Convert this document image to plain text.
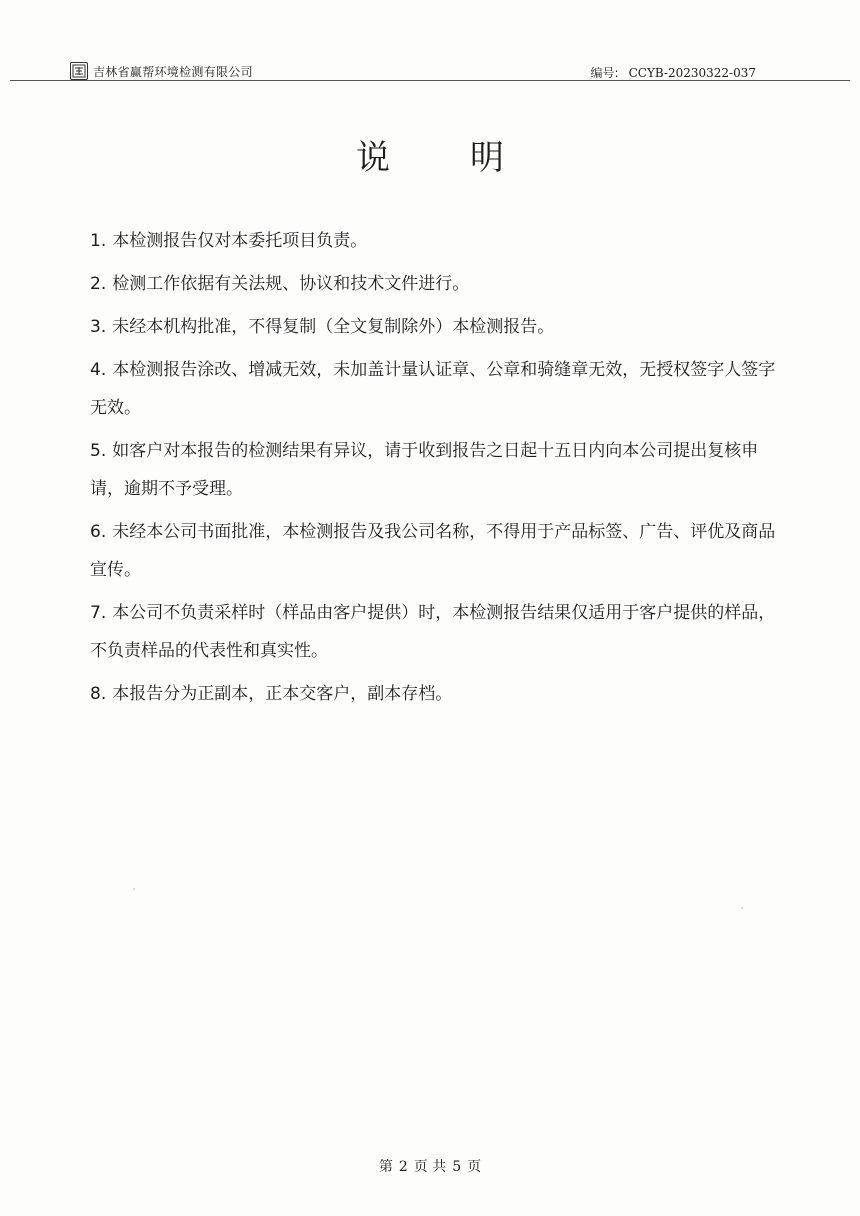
吉林省赢帮环境检测有限公司	编号: CCYB-20230322-037
说明
1. 本检测报告仅对本委托项目负责。
2. 检测工作依据有关法规、协议和技术文件进行。
3. 未经本机构批准，不得复制（全文复制除外）本检测报告。
4. 本检测报告涂改、增减无效，未加盖计量认证章、公章和骑缝章无效，无授权签字人签字无效。
5. 如客户对本报告的检测结果有异议，请于收到报告之日起十五日内向本公司提出复核申请，逾期不予受理。
6. 未经本公司书面批准，本检测报告及我公司名称，不得用于产品标签、广告、评优及商品宣传。
7. 本公司不负责采样时（样品由客户提供）时，本检测报告结果仅适用于客户提供的样品，不负责样品的代表性和真实性。
8. 本报告分为正副本，正本交客户，副本存档。
第 2 页 共 5 页
